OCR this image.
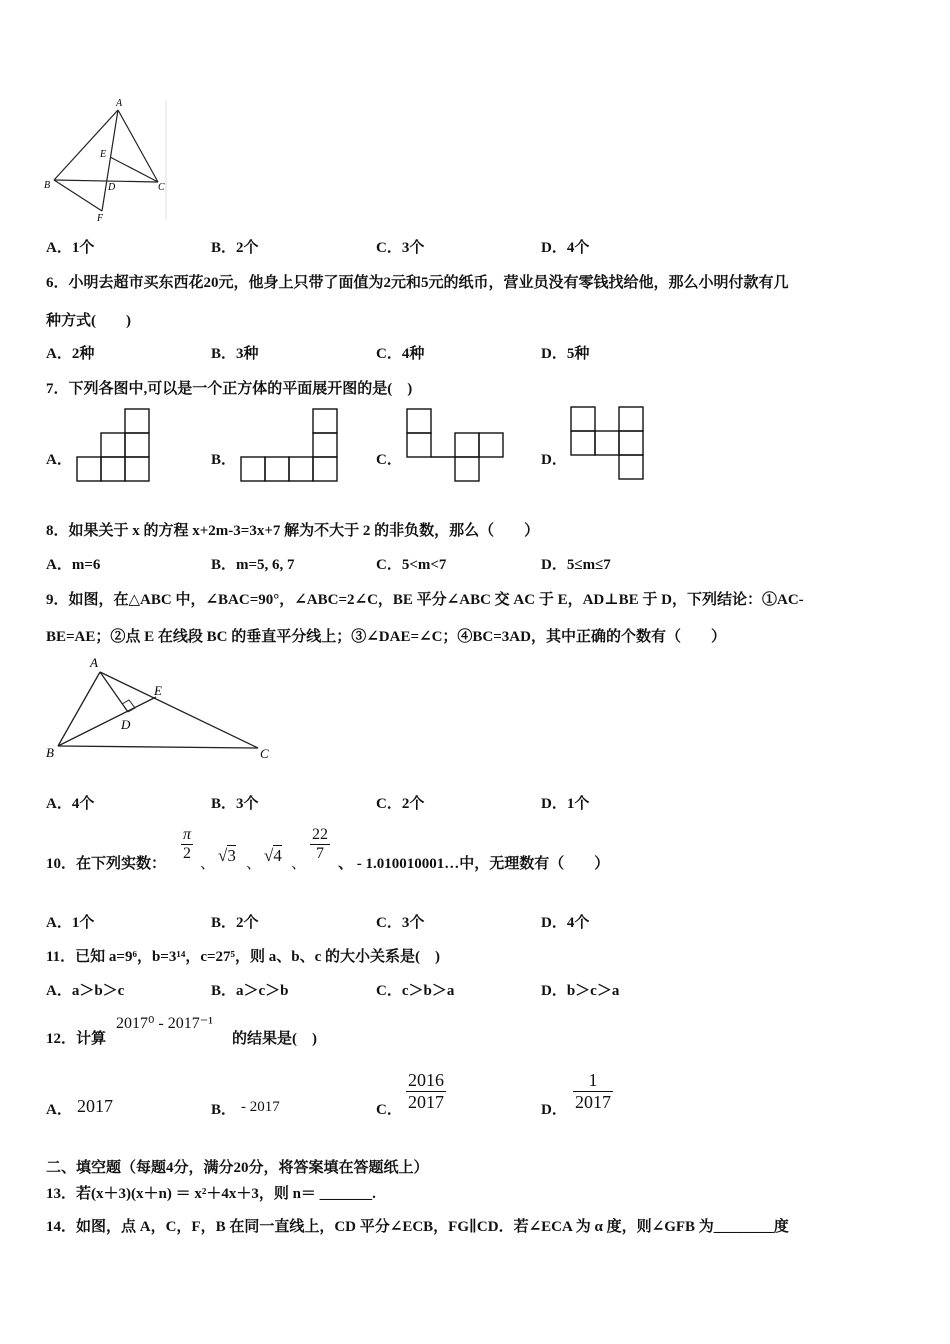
A
E
B	D	C
F
A．1个	B．2个	C．3个	D．4个
6．小明去超市买东西花20元，他身上只带了面值为2元和5元的纸币，营业员没有零钱找给他，那么小明付款有几
种方式(　　)
A．2种	B．3种	C．4种	D．5种
7．下列各图中,可以是一个正方体的平面展开图的是(　)
A．	B．	C．	D．
8．如果关于 x 的方程 x+2m-3=3x+7 解为不大于 2 的非负数，那么（　　）
A．m=6	B．m=5, 6, 7	C．5<m<7	D．5≤m≤7
9．如图，在△ABC 中，∠BAC=90°，∠ABC=2∠C，BE 平分∠ABC 交 AC 于 E，AD⊥BE 于 D，下列结论：①AC-
BE=AE；②点 E 在线段 BC 的垂直平分线上；③∠DAE=∠C；④BC=3AD，其中正确的个数有（　　）
A
E
D
B	C
A．4个	B．3个	C．2个	D．1个
10．在下列实数：
$\frac{\pi}{2}$
、 √3 、 √4 、
$\frac{22}{7}$
、 - 1.010010001…中，无理数有（　　）
A．1个	B．2个	C．3个	D．4个
11．已知 a=9⁶，b=3¹⁴，c=27⁵，则 a、b、c 的大小关系是(　)
A．a＞b＞c	B．a＞c＞b	C．c＞b＞a	D．b＞c＞a
12．计算
2017⁰ - 2017⁻¹
的结果是(　)
A． 2017	B． - 2017	C． $\frac{2016}{2017}$	D． $\frac{1}{2017}$
二、填空题（每题4分，满分20分，将答案填在答题纸上）
13．若(x＋3)(x＋n) ＝ x²＋4x＋3，则 n＝ _______.
14．如图，点 A，C，F，B 在同一直线上，CD 平分∠ECB，FG∥CD．若∠ECA 为 α 度，则∠GFB 为________度
